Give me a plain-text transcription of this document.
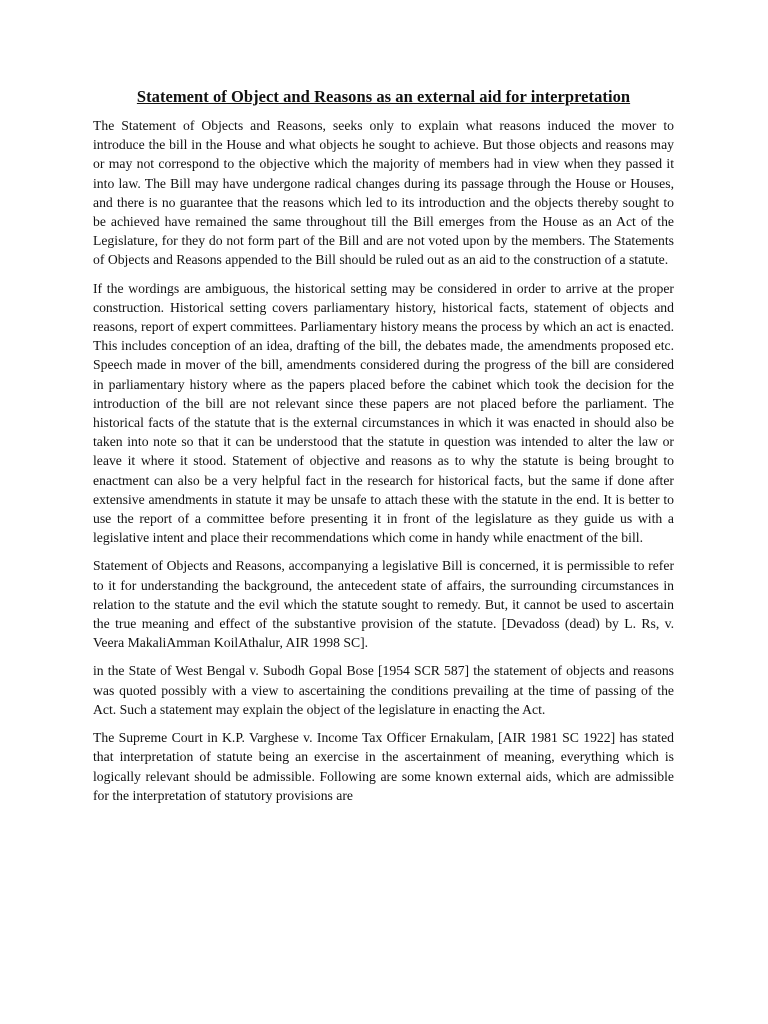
Statement of Object and Reasons as an external aid for interpretation

The Statement of Objects and Reasons, seeks only to explain what reasons induced the mover to introduce the bill in the House and what objects he sought to achieve. But those objects and reasons may or may not correspond to the objective which the majority of members had in view when they passed it into law. The Bill may have undergone radical changes during its passage through the House or Houses, and there is no guarantee that the reasons which led to its introduction and the objects thereby sought to be achieved have remained the same throughout till the Bill emerges from the House as an Act of the Legislature, for they do not form part of the Bill and are not voted upon by the members. The Statements of Objects and Reasons appended to the Bill should be ruled out as an aid to the construction of a statute.

If the wordings are ambiguous, the historical setting may be considered in order to arrive at the proper construction. Historical setting covers parliamentary history, historical facts, statement of objects and reasons, report of expert committees. Parliamentary history means the process by which an act is enacted. This includes conception of an idea, drafting of the bill, the debates made, the amendments proposed etc. Speech made in mover of the bill, amendments considered during the progress of the bill are considered in parliamentary history where as the papers placed before the cabinet which took the decision for the introduction of the bill are not relevant since these papers are not placed before the parliament. The historical facts of the statute that is the external circumstances in which it was enacted in should also be taken into note so that it can be understood that the statute in question was intended to alter the law or leave it where it stood. Statement of objective and reasons as to why the statute is being brought to enactment can also be a very helpful fact in the research for historical facts, but the same if done after extensive amendments in statute it may be unsafe to attach these with the statute in the end. It is better to use the report of a committee before presenting it in front of the legislature as they guide us with a legislative intent and place their recommendations which come in handy while enactment of the bill.

Statement of Objects and Reasons, accompanying a legislative Bill is concerned, it is permissible to refer to it for understanding the background, the antecedent state of affairs, the surrounding circumstances in relation to the statute and the evil which the statute sought to remedy. But, it cannot be used to ascertain the true meaning and effect of the substantive provision of the statute. [Devadoss (dead) by L. Rs, v. Veera MakaliAmman KoilAthalur, AIR 1998 SC].

in the State of West Bengal v. Subodh Gopal Bose [1954 SCR 587] the statement of objects and reasons was quoted possibly with a view to ascertaining the conditions prevailing at the time of passing of the Act. Such a statement may explain the object of the legislature in enacting the Act.

The Supreme Court in K.P. Varghese v. Income Tax Officer Ernakulam, [AIR 1981 SC 1922] has stated that interpretation of statute being an exercise in the ascertainment of meaning, everything which is logically relevant should be admissible. Following are some known external aids, which are admissible for the interpretation of statutory provisions are
